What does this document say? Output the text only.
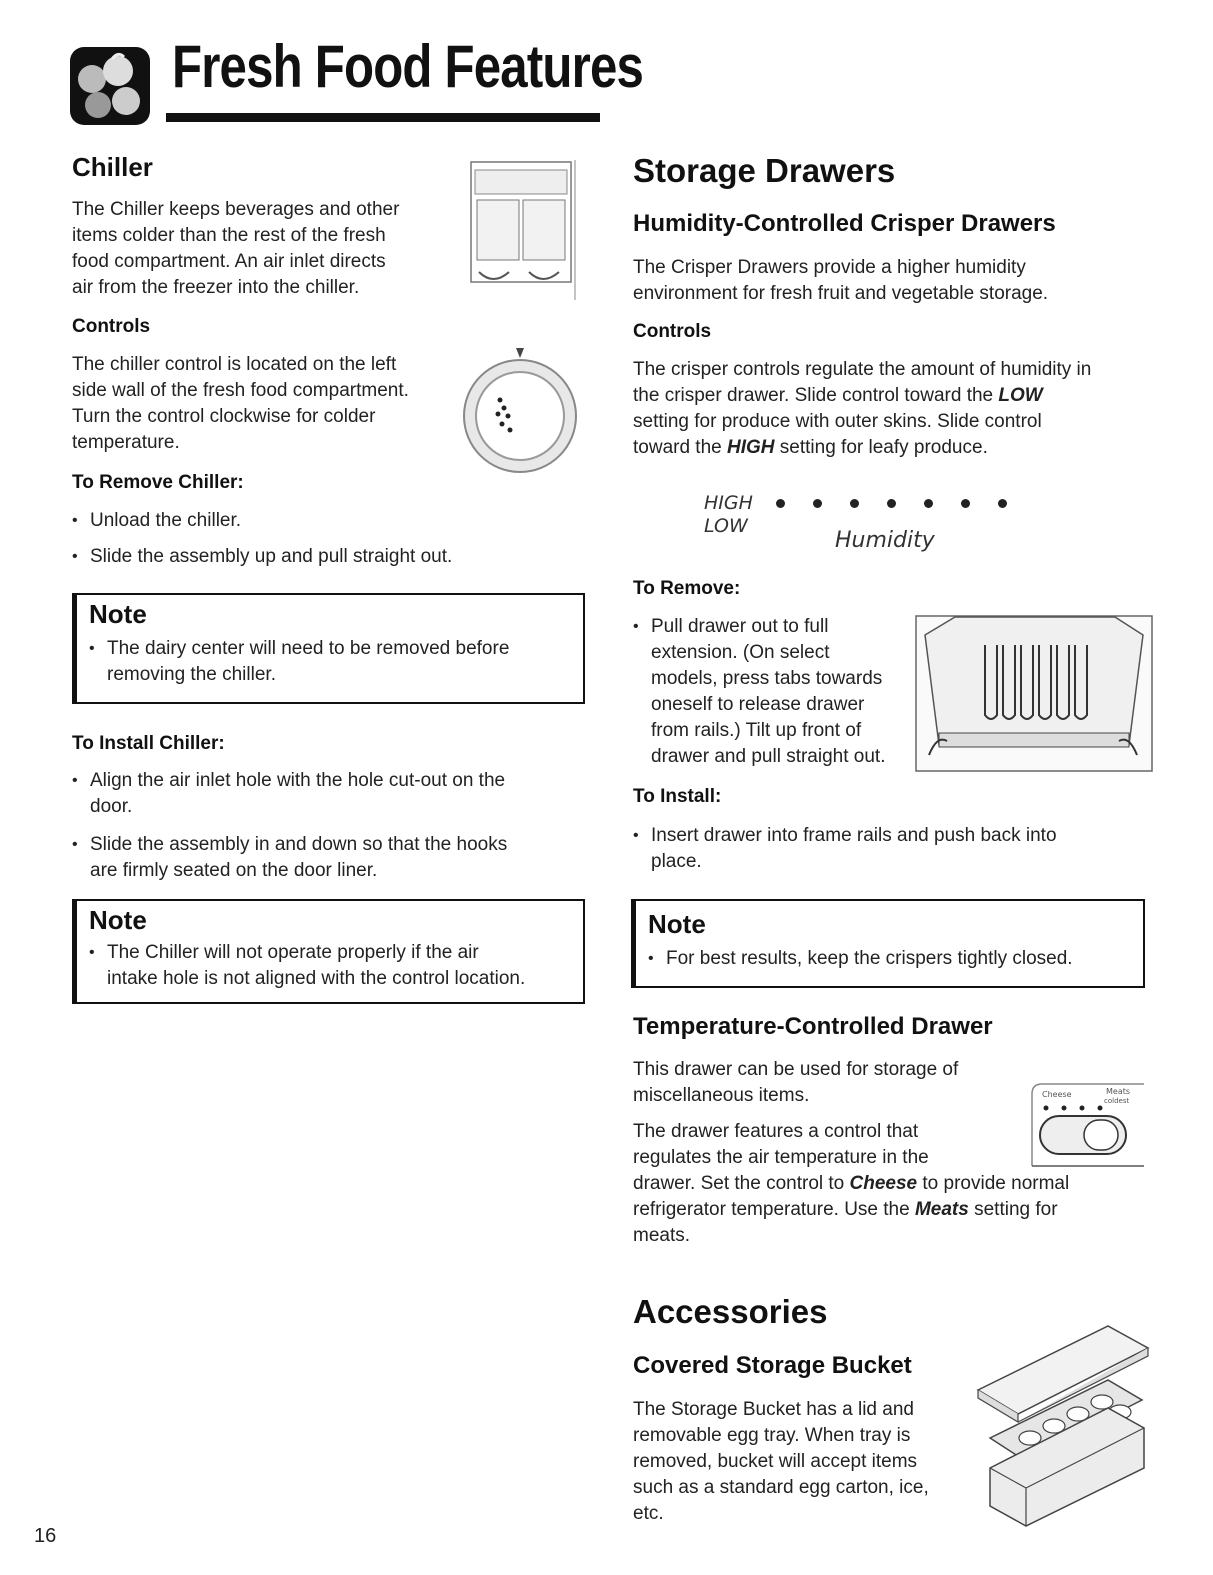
Fresh Food Features
Chiller

The Chiller keeps beverages and other

items colder than the rest of the fresh

food compartment. An air inlet directs

air from the freezer into the chiller.

Controls

The chiller control is located on the left

side wall of the fresh food compartment.

Turn the control clockwise for colder

temperature.

To Remove Chiller:
• Unload the chiller.
• Slide the assembly up and pull straight out.
Note
• The dairy center will need to be removed before
removing the chiller.
To Install Chiller:
• Align the air inlet hole with the hole cut-out on the
door.
• Slide the assembly in and down so that the hooks
are firmly seated on the door liner.
Note
• The Chiller will not operate properly if the air
intake hole is not aligned with the control location.
Storage Drawers
Humidity-Controlled Crisper Drawers

The Crisper Drawers provide a higher humidity

environment for fresh fruit and vegetable storage.

Controls

The crisper controls regulate the amount of humidity in

the crisper drawer. Slide control toward the LOW

setting for produce with outer skins. Slide control

toward the HIGH setting for leafy produce.

HIGH  LOW
Humidity
To Remove:
• Pull drawer out to full
extension. (On select
models, press tabs towards
oneself to release drawer
from rails.) Tilt up front of
drawer and pull straight out.
To Install:
• Insert drawer into frame rails and push back into
place.
Note
• For best results, keep the crispers tightly closed.
Temperature-Controlled Drawer

This drawer can be used for storage of

miscellaneous items.

The drawer features a control that

regulates the air temperature in the

drawer. Set the control to Cheese to provide normal

refrigerator temperature. Use the Meats setting for

meats.

Cheese	Meats
coldest
Accessories
Covered Storage Bucket

The Storage Bucket has a lid and

removable egg tray. When tray is

removed, bucket will accept items

such as a standard egg carton, ice,

etc.

16
